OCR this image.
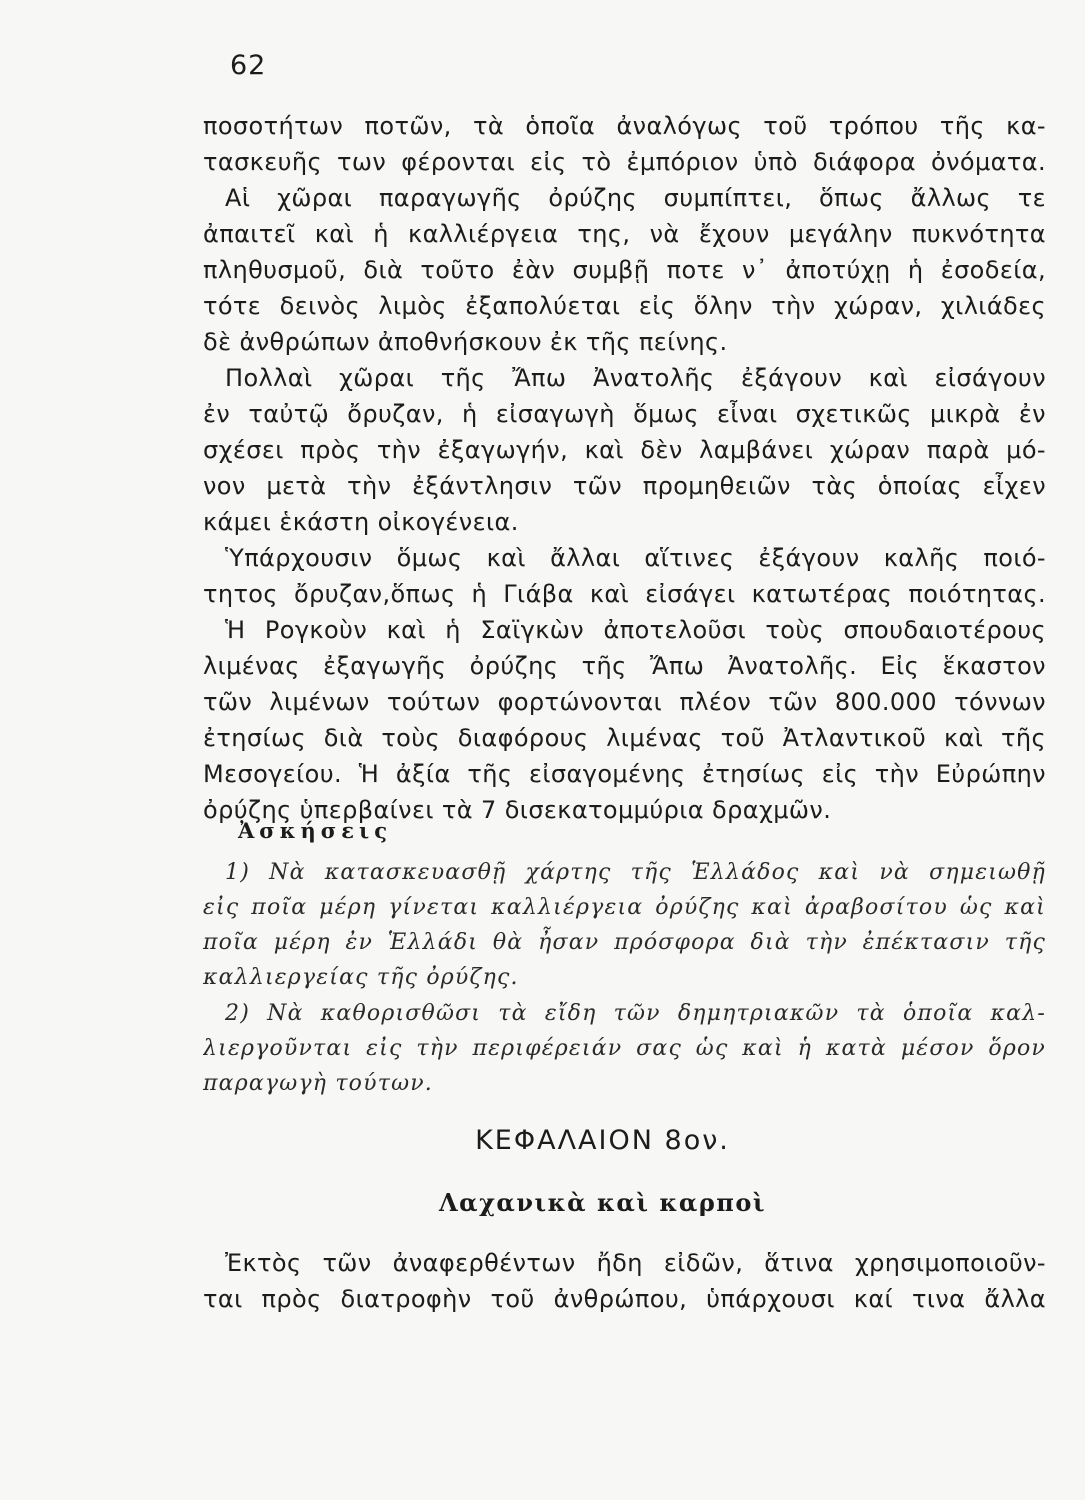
62
ποσοτήτων ποτῶν, τὰ ὁποῖα ἀναλόγως τοῦ τρόπου τῆς κα-
τασκευῆς των φέρονται εἰς τὸ ἐμπόριον ὑπὸ διάφορα ὀνόματα.
Αἱ χῶραι παραγωγῆς ὀρύζης συμπίπτει, ὅπως ἄλλως τε
ἀπαιτεῖ καὶ ἡ καλλιέργεια της, νὰ ἔχουν μεγάλην πυκνότητα
πληθυσμοῦ, διὰ τοῦτο ἐὰν συμβῇ ποτε ν᾽ ἀποτύχῃ ἡ ἐσοδεία,
τότε δεινὸς λιμὸς ἐξαπολύεται εἰς ὅλην τὴν χώραν, χιλιάδες
δὲ ἀνθρώπων ἀποθνήσκουν ἐκ τῆς πείνης.
Πολλαὶ χῶραι τῆς Ἄπω Ἀνατολῆς ἐξάγουν καὶ εἰσάγουν
ἐν ταὐτῷ ὄρυζαν, ἡ εἰσαγωγὴ ὅμως εἶναι σχετικῶς μικρὰ ἐν
σχέσει πρὸς τὴν ἐξαγωγήν, καὶ δὲν λαμβάνει χώραν παρὰ μό-
νον μετὰ τὴν ἐξάντλησιν τῶν προμηθειῶν τὰς ὁποίας εἶχεν
κάμει ἑκάστη οἰκογένεια.
Ὑπάρχουσιν ὅμως καὶ ἄλλαι αἵτινες ἐξάγουν καλῆς ποιό-
τητος ὄρυζαν,ὅπως ἡ Γιάβα καὶ εἰσάγει κατωτέρας ποιότητας.
Ἡ Ρογκοὺν καὶ ἡ Σαϊγκὼν ἀποτελοῦσι τοὺς σπουδαιοτέρους
λιμένας ἐξαγωγῆς ὀρύζης τῆς Ἄπω Ἀνατολῆς. Εἰς ἕκαστον
τῶν λιμένων τούτων φορτώνονται πλέον τῶν 800.000 τόννων
ἐτησίως διὰ τοὺς διαφόρους λιμένας τοῦ Ἀτλαντικοῦ καὶ τῆς
Μεσογείου. Ἡ ἀξία τῆς εἰσαγομένης ἐτησίως εἰς τὴν Εὐρώπην
ὀρύζης ὑπερβαίνει τὰ 7 δισεκατομμύρια δραχμῶν.
Ἀσκήσεις
1) Νὰ κατασκευασθῇ χάρτης τῆς Ἑλλάδος καὶ νὰ σημειωθῇ
εἰς ποῖα μέρη γίνεται καλλιέργεια ὀρύζης καὶ ἀραβοσίτου ὡς καὶ
ποῖα μέρη ἐν Ἑλλάδι θὰ ἦσαν πρόσφορα διὰ τὴν ἐπέκτασιν τῆς
καλλιεργείας τῆς ὀρύζης.
2) Νὰ καθορισθῶσι τὰ εἴδη τῶν δημητριακῶν τὰ ὁποῖα καλ-
λιεργοῦνται εἰς τὴν περιφέρειάν σας ὡς καὶ ἡ κατὰ μέσον ὅρον
παραγωγὴ τούτων.
ΚΕΦΑΛΑΙΟΝ 8ον.
Λαχανικὰ καὶ καρποὶ
Ἐκτὸς τῶν ἀναφερθέντων ἤδη εἰδῶν, ἅτινα χρησιμοποιοῦν-
ται πρὸς διατροφὴν τοῦ ἀνθρώπου, ὑπάρχουσι καί τινα ἄλλα
